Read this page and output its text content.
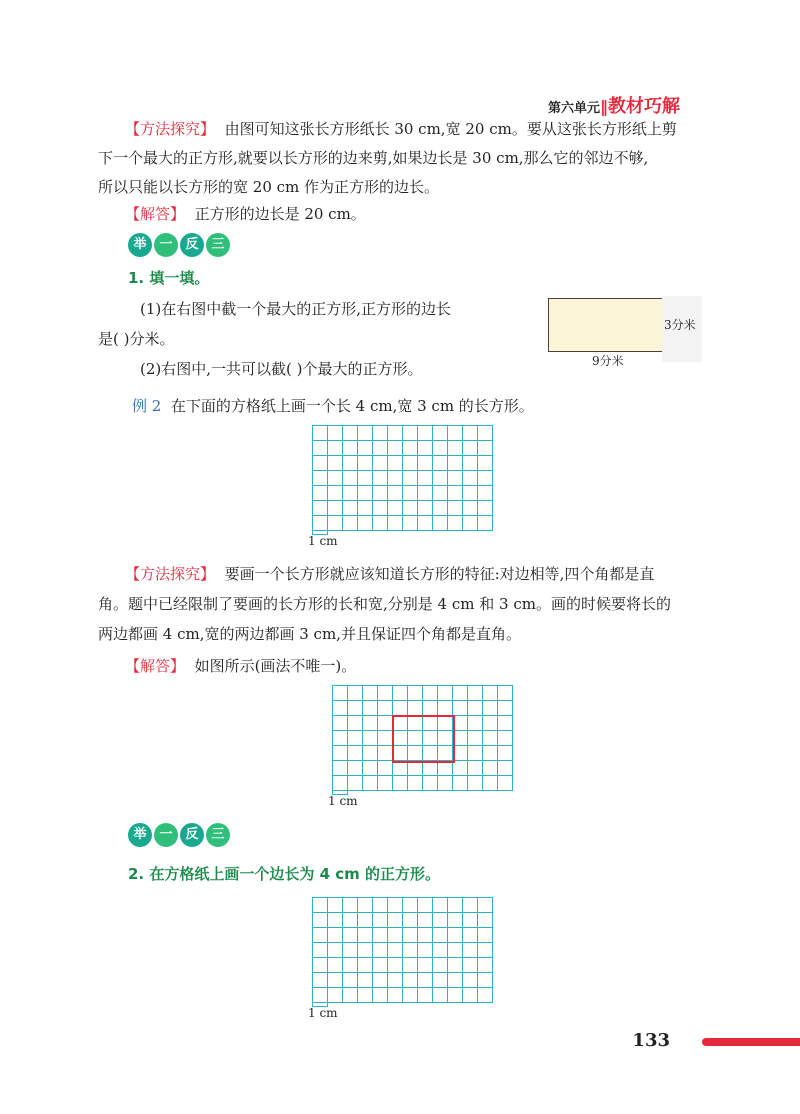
第六单元‖教材巧解
【方法探究】 由图可知这张长方形纸长 30 cm,宽 20 cm。要从这张长方形纸上剪
下一个最大的正方形,就要以长方形的边来剪,如果边长是 30 cm,那么它的邻边不够,
所以只能以长方形的宽 20 cm 作为正方形的边长。
【解答】 正方形的边长是 20 cm。
举 一 反 三
1. 填一填。
(1)在右图中截一个最大的正方形,正方形的边长
是( )分米。
(2)右图中,一共可以截( )个最大的正方形。
3分米
9分米
例 2 在下面的方格纸上画一个长 4 cm,宽 3 cm 的长方形。
1 cm
【方法探究】 要画一个长方形就应该知道长方形的特征:对边相等,四个角都是直
角。题中已经限制了要画的长方形的长和宽,分别是 4 cm 和 3 cm。画的时候要将长的
两边都画 4 cm,宽的两边都画 3 cm,并且保证四个角都是直角。
【解答】 如图所示(画法不唯一)。
1 cm
举 一 反 三
2. 在方格纸上画一个边长为 4 cm 的正方形。
1 cm
133
